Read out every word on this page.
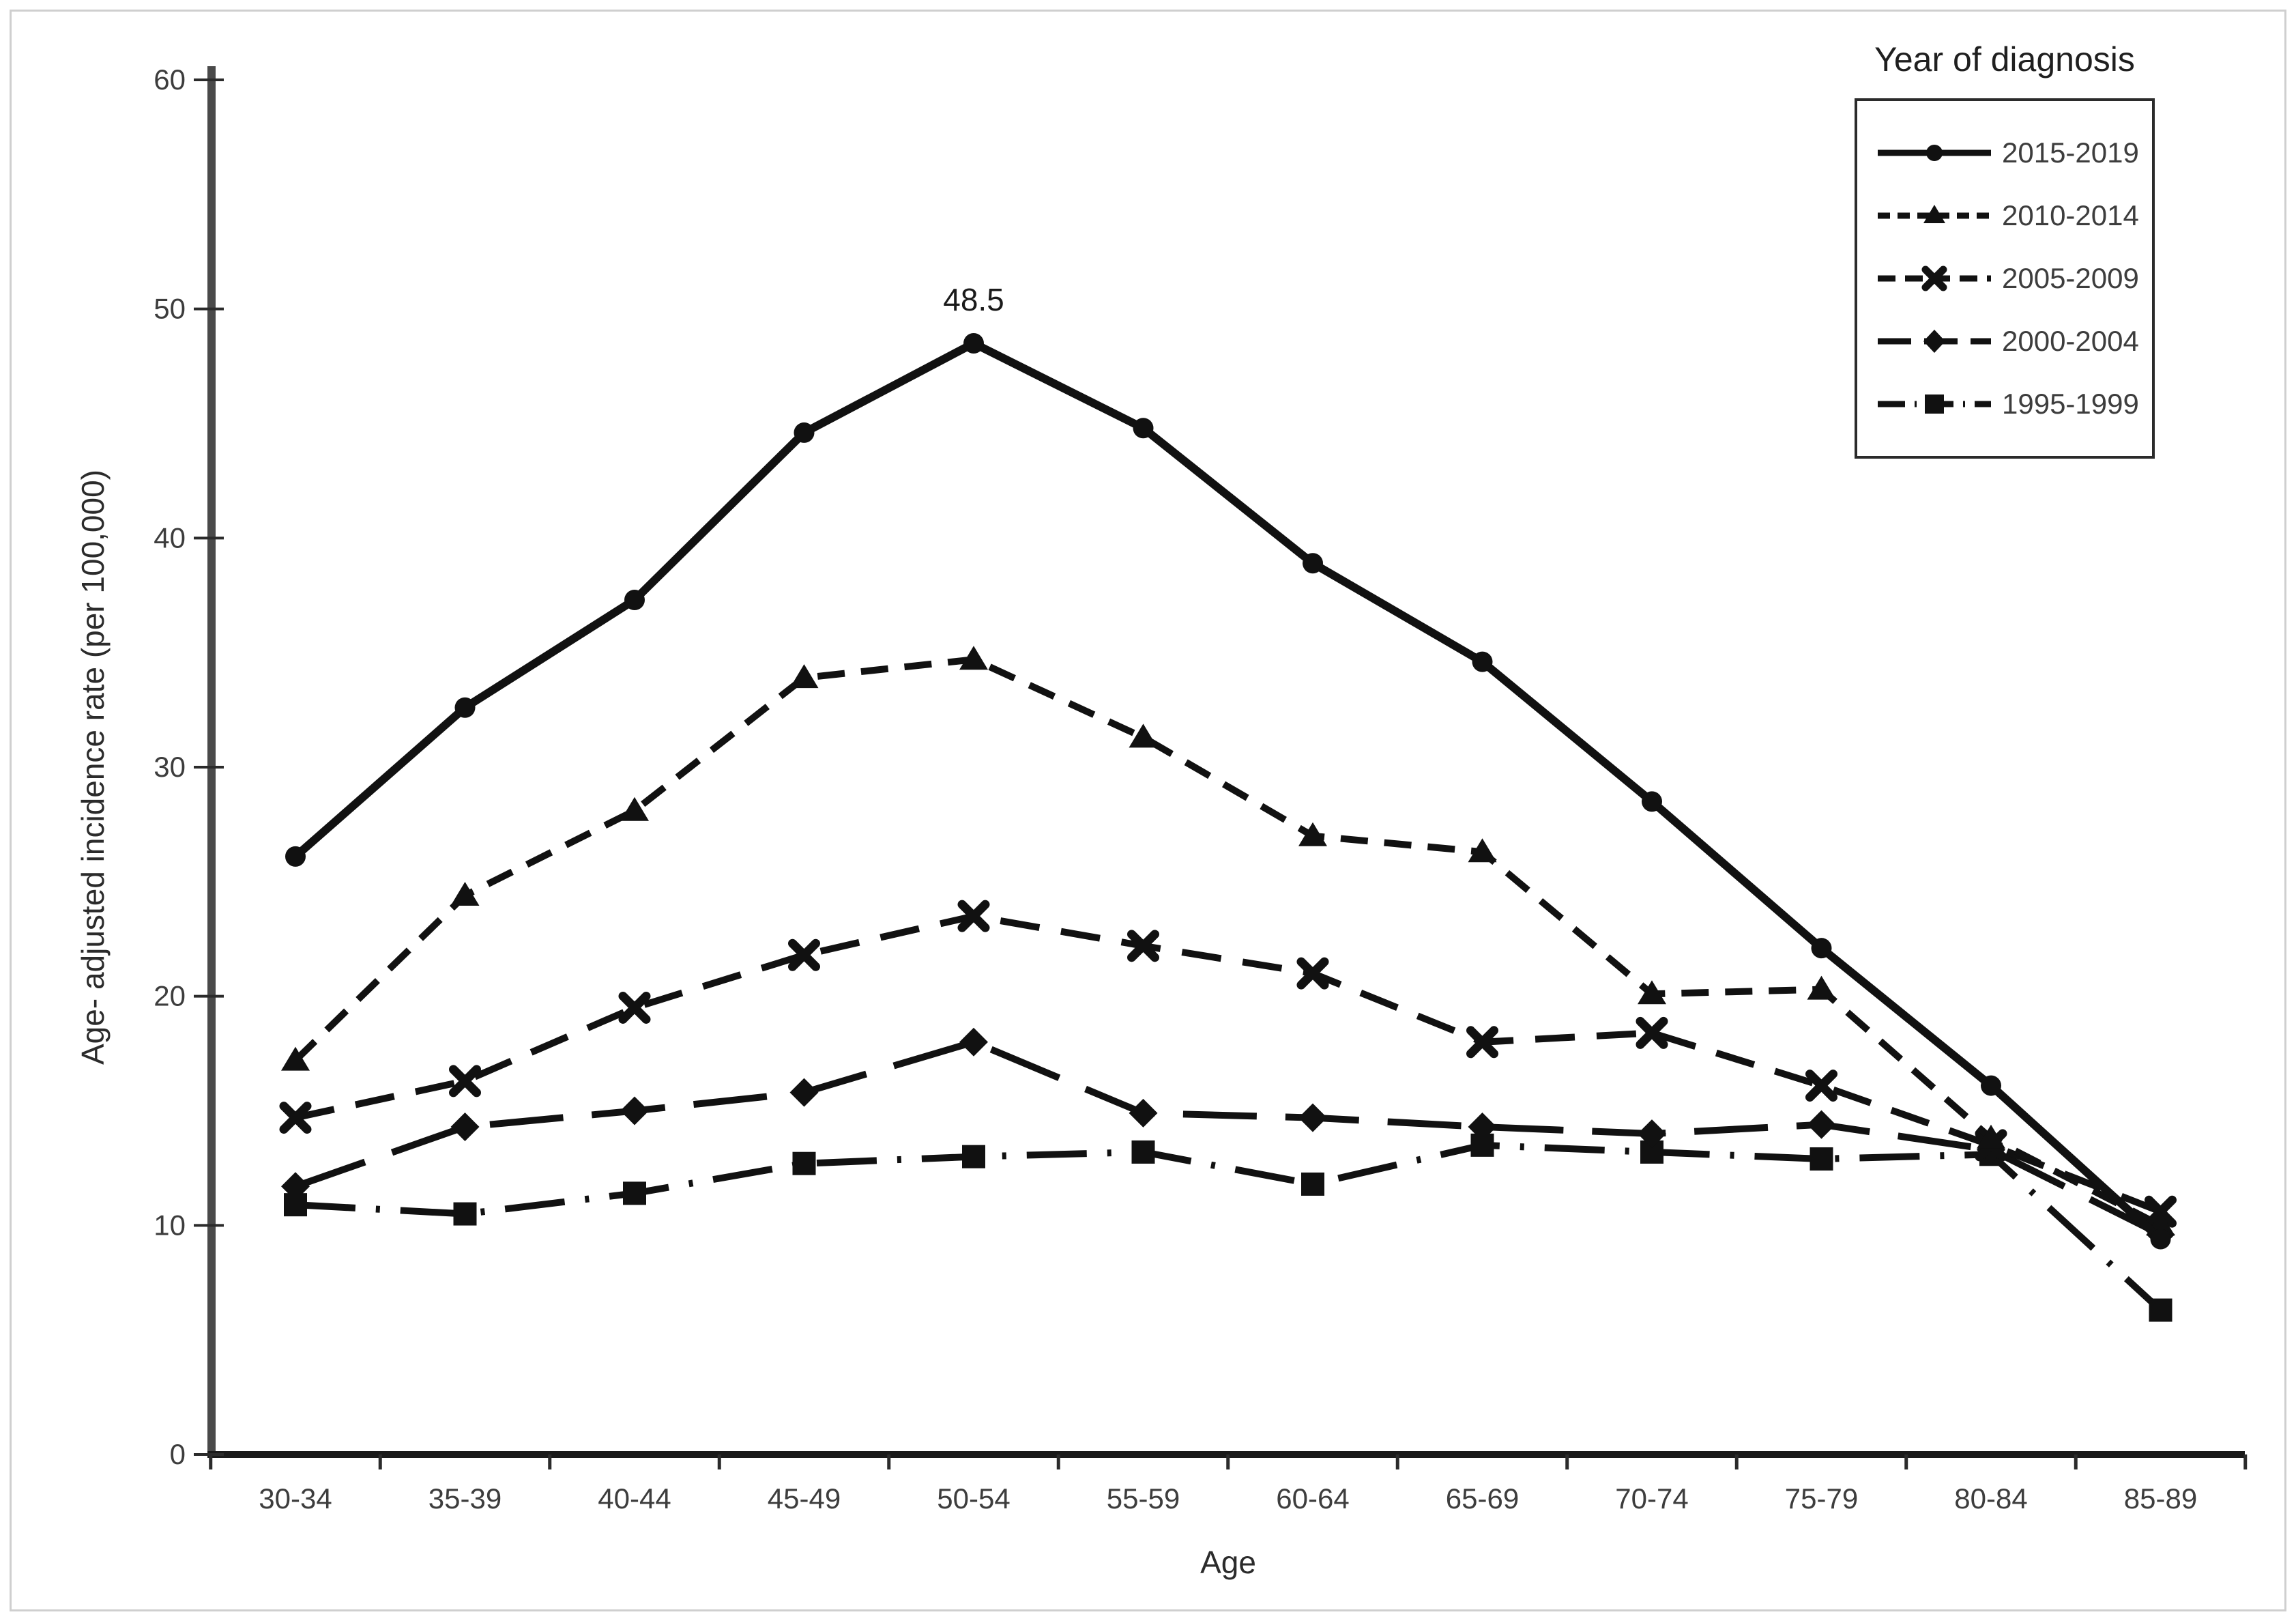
0
10
20
30
40
50
60
30-34	35-39	40-44	45-49	50-54	55-59	60-64	65-69	70-74	75-79	80-84	85-89
Age
Age- adjusted incidence rate (per 100,000)
48.5

Year of diagnosis

2015-2019
2010-2014
2005-2009
2000-2004
1995-1999
